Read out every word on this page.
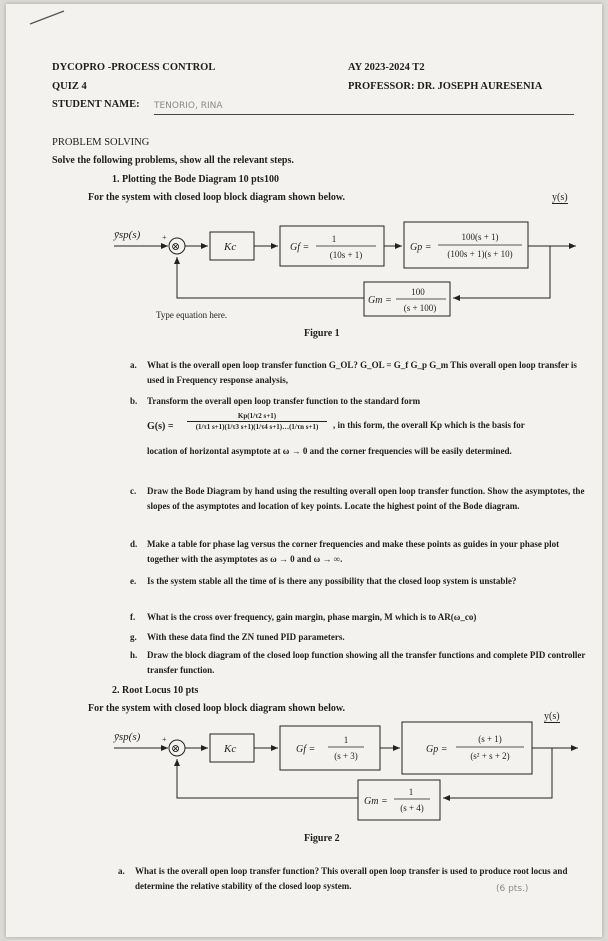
DYCOPRO -PROCESS CONTROL	AY 2023-2024 T2
QUIZ 4	PROFESSOR: DR. JOSEPH AURESENIA
STUDENT NAME: TENORIO, RINA
PROBLEM SOLVING
Solve the following problems, show all the relevant steps.
1. Plotting the Bode Diagram 10 pts100
For the system with closed loop block diagram shown below.	y(s)
ȳsp(s)	+
⊗	Kc	Gf =
1
(10s + 1)
Gp =
100(s + 1)
(100s + 1)(s + 10)
Gm =
100
(s + 100)
Type equation here.
Figure 1
a. What is the overall open loop transfer function G_OL? G_OL = G_f G_p G_m This overall open loop transfer is used in Frequency response analysis,
b. Transform the overall open loop transfer function to the standard form
G(s) =
Kp(1/τ2 s+1)
(1/τ1 s+1)(1/τ3 s+1)(1/τ4 s+1)…(1/τn s+1)	, in this form, the overall Kp which is the basis for
location of horizontal asymptote at ω → 0 and the corner frequencies will be easily determined.
c. Draw the Bode Diagram by hand using the resulting overall open loop transfer function. Show the asymptotes, the slopes of the asymptotes and location of key points. Locate the highest point of the Bode diagram.
d. Make a table for phase lag versus the corner frequencies and make these points as guides in your phase plot together with the asymptotes as ω → 0 and ω → ∞.
e. Is the system stable all the time of is there any possibility that the closed loop system is unstable?
f. What is the cross over frequency, gain margin, phase margin, M which is to AR(ω_co)
g. With these data find the ZN tuned PID parameters.
h. Draw the block diagram of the closed loop function showing all the transfer functions and complete PID controller transfer function.
2. Root Locus 10 pts
For the system with closed loop block diagram shown below.
y(s)
ȳsp(s)	+
⊗	Kc	Gf =
1
(s + 3)
Gp =
(s + 1)
(s² + s + 2)
Gm =
1
(s + 4)
Figure 2
a. What is the overall open loop transfer function? This overall open loop transfer is used to produce root locus and determine the relative stability of the closed loop system.	(6 pts.)
